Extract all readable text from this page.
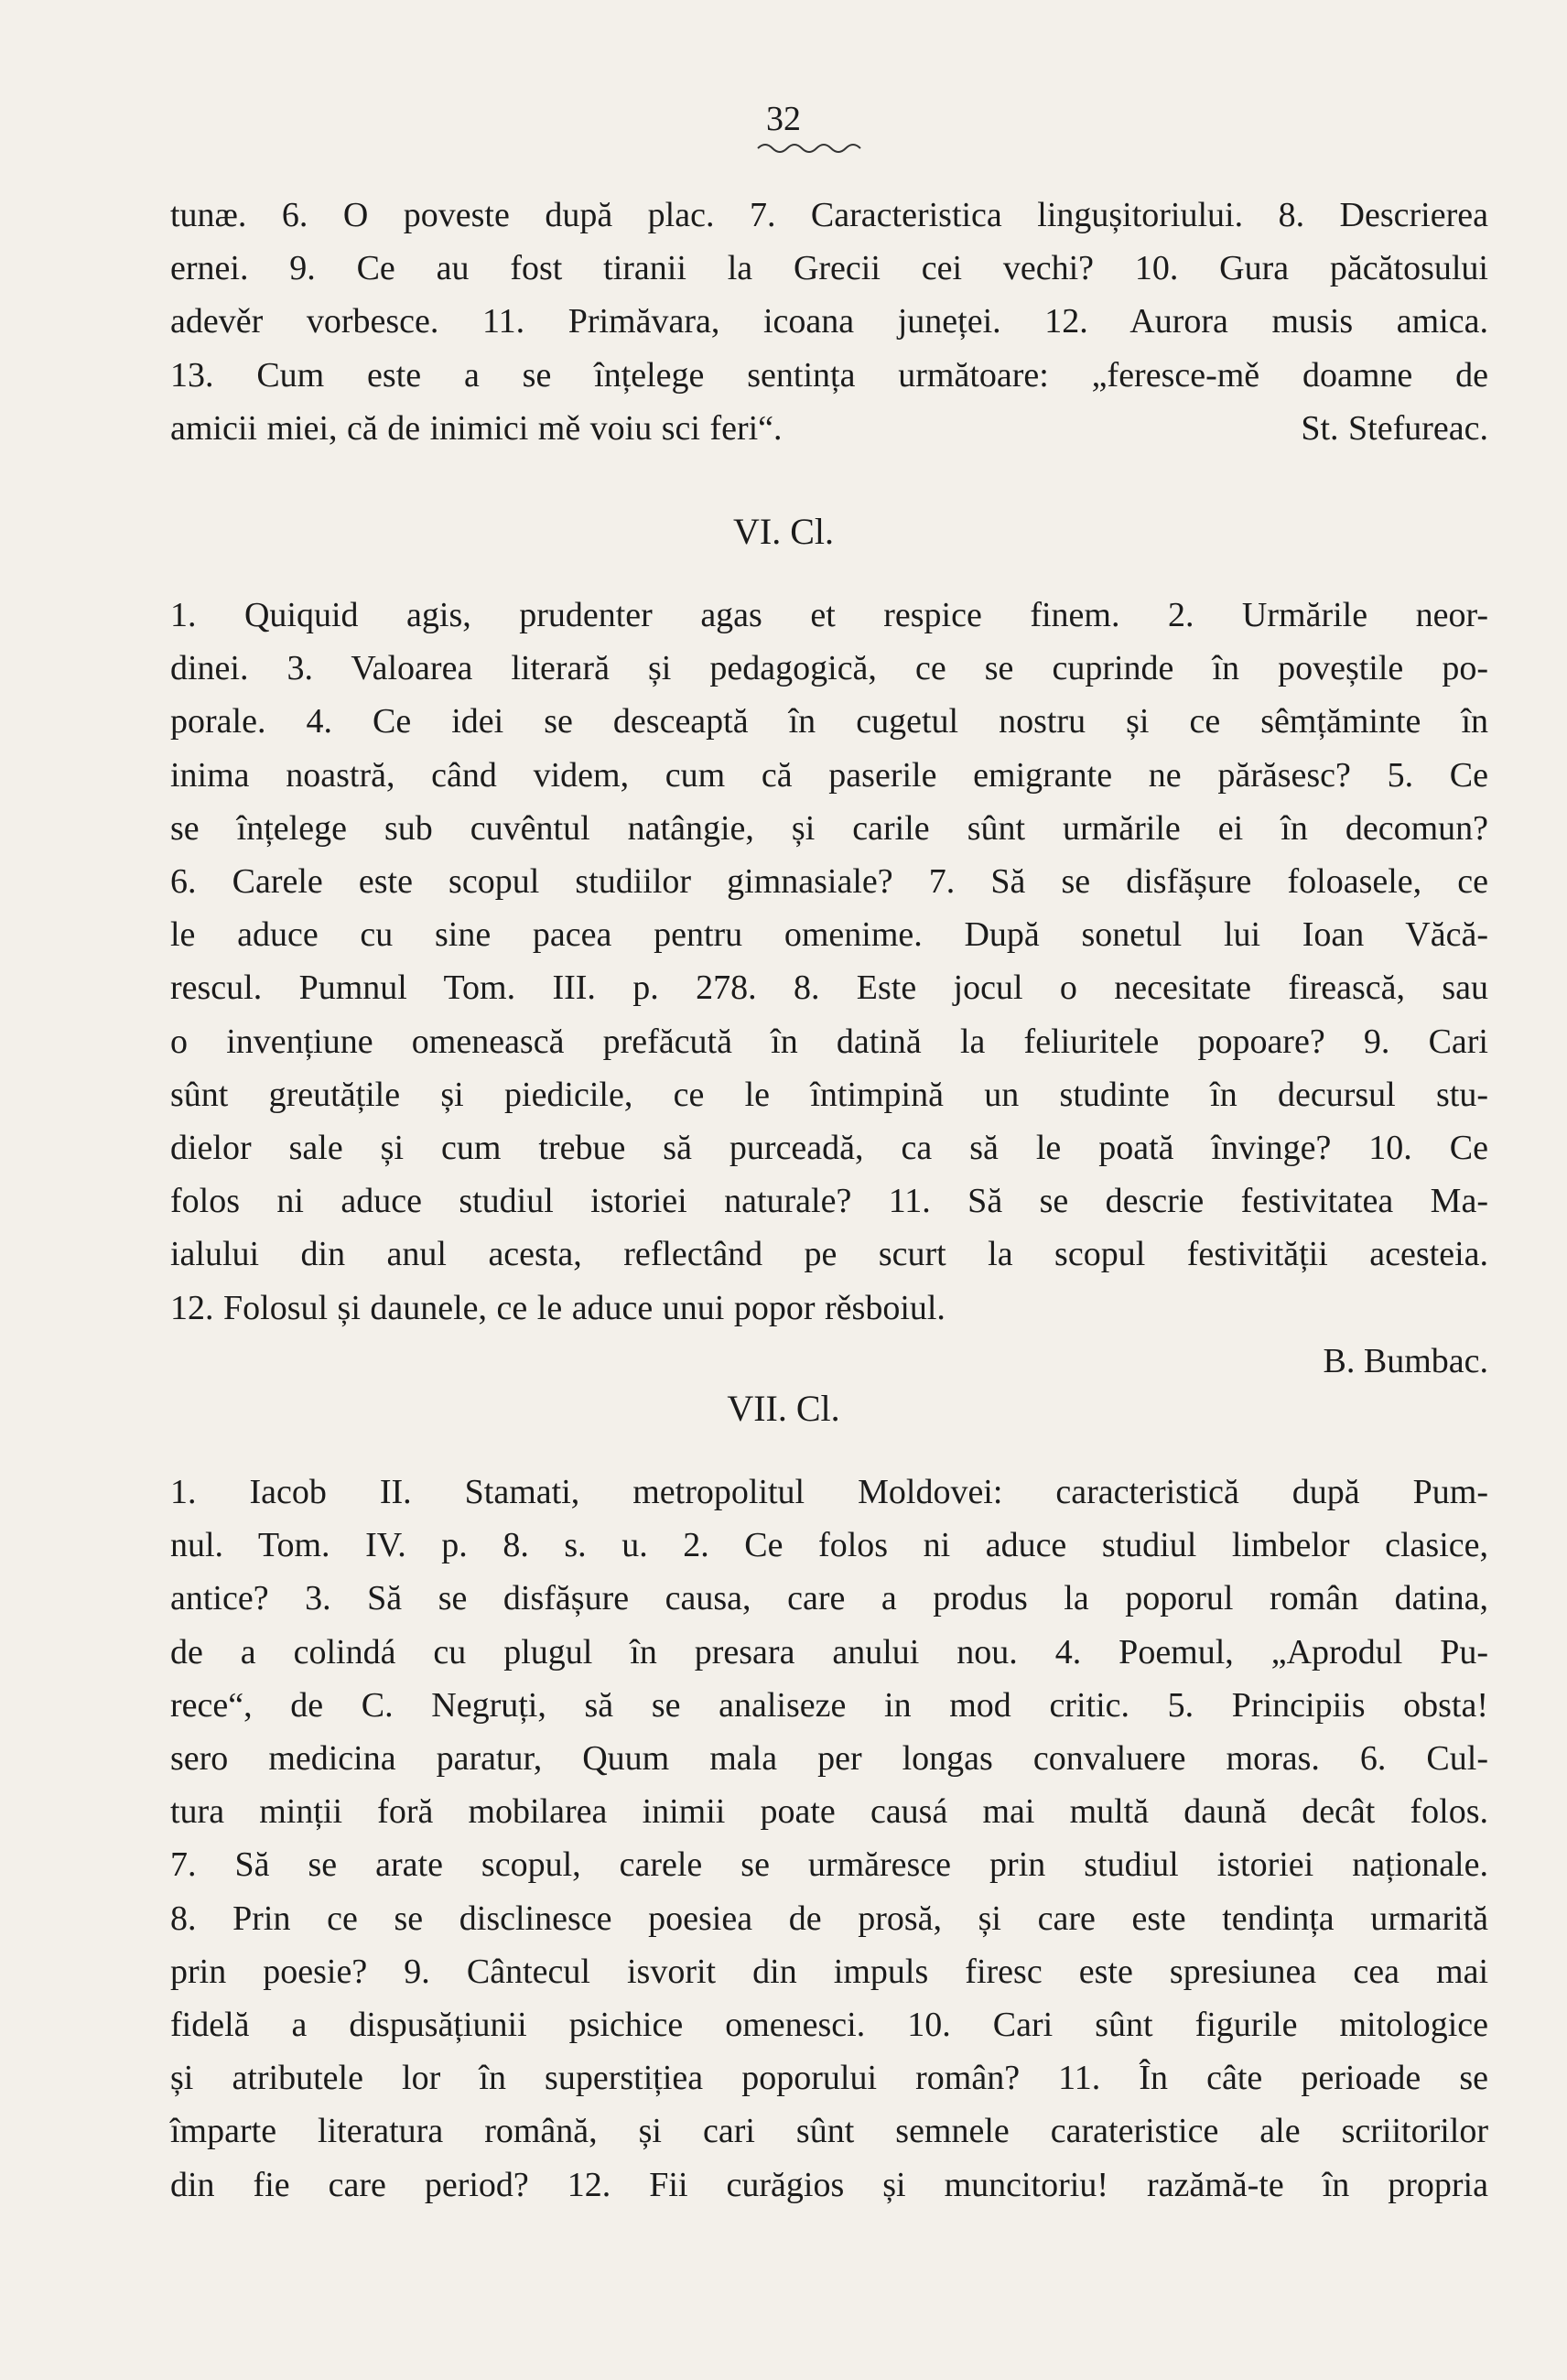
32

tunæ. 6. O poveste după plac. 7. Caracteristica lingușitoriului. 8. Descrierea

ernei. 9. Ce au fost tiranii la Grecii cei vechi? 10. Gura păcătosului

adevěr vorbesce. 11. Primăvara, icoana juneței. 12. Aurora musis amica.

13. Cum este a se înțelege sentința următoare: „feresce-mě doamne de

St. Stefureac.
amicii miei, că de inimici mě voiu sci feri“.

VI. Cl.

1. Quiquid agis, prudenter agas et respice finem. 2. Urmările neor-

dinei. 3. Valoarea literară și pedagogică, ce se cuprinde în poveștile po-

porale. 4. Ce idei se desceaptă în cugetul nostru și ce sêmțăminte în

inima noastră, când videm, cum că paserile emigrante ne părăsesc? 5. Ce

se înțelege sub cuvêntul natângie, și carile sûnt urmările ei în decomun?

6. Carele este scopul studiilor gimnasiale? 7. Să se disfășure foloasele, ce

le aduce cu sine pacea pentru omenime. După sonetul lui Ioan Văcă-

rescul. Pumnul Tom. III. p. 278. 8. Este jocul o necesitate firească, sau

o invențiune omenească prefăcută în datină la feliuritele popoare? 9. Cari

sûnt greutățile și piedicile, ce le întimpină un studinte în decursul stu-

dielor sale și cum trebue să purceadă, ca să le poată învinge? 10. Ce

folos ni aduce studiul istoriei naturale? 11. Să se descrie festivitatea Ma-

ialului din anul acesta, reflectând pe scurt la scopul festivității acesteia.

12. Folosul și daunele, ce le aduce unui popor rěsboiul.

B. Bumbac.

VII. Cl.

1. Iacob II. Stamati, metropolitul Moldovei: caracteristică după Pum-

nul. Tom. IV. p. 8. s. u. 2. Ce folos ni aduce studiul limbelor clasice,

antice? 3. Să se disfășure causa, care a produs la poporul român datina,

de a colindá cu plugul în presara anului nou. 4. Poemul, „Aprodul Pu-

rece“, de C. Negruți, să se analiseze in mod critic. 5. Principiis obsta!

sero medicina paratur, Quum mala per longas convaluere moras. 6. Cul-

tura minții foră mobilarea inimii poate causá mai multă daună decât folos.

7. Să se arate scopul, carele se urmăresce prin studiul istoriei naționale.

8. Prin ce se disclinesce poesiea de prosă, și care este tendința urmarită

prin poesie? 9. Cântecul isvorit din impuls firesc este spresiunea cea mai

fidelă a dispusățiunii psichice omenesci. 10. Cari sûnt figurile mitologice

și atributele lor în superstițiea poporului român? 11. În câte perioade se

împarte literatura română, și cari sûnt semnele carateristice ale scriitorilor

din fie care period? 12. Fii curăgios și muncitoriu! razămă-te în propria
